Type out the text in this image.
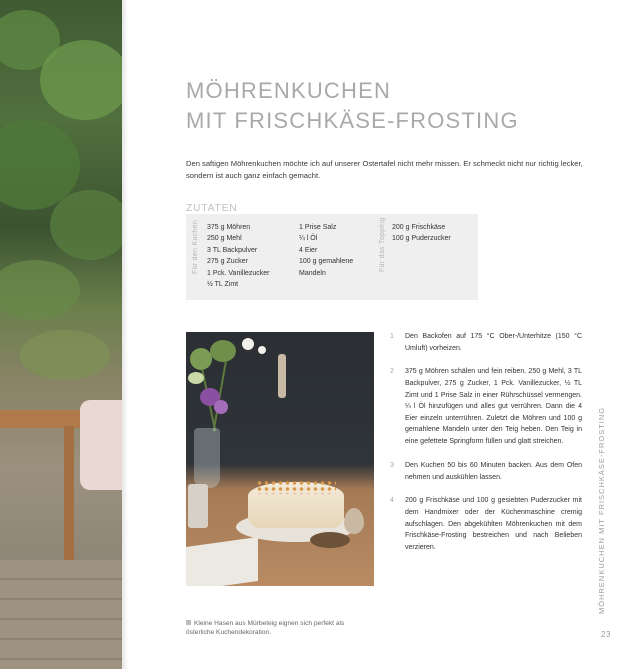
MÖHRENKUCHEN
MIT FRISCHKÄSE-FROSTING

Den saftigen Möhrenkuchen möchte ich auf unserer Ostertafel nicht mehr missen. Er schmeckt nicht nur richtig lecker, sondern ist auch ganz einfach gemacht.

ZUTATEN

Für den Kuchen 375 g Möhren
250 g Mehl
3 TL Backpulver
275 g Zucker
1 Pck. Vanillezucker
½ TL Zimt
1 Prise Salz
¼ l Öl
4 Eier
100 g gemahlene
Mandeln
Für das Topping 200 g Frischkäse
100 g Puderzucker
1 Den Backofen auf 175 °C Ober-/Unterhitze (150 °C Umluft) vorheizen.
2 375 g Möhren schälen und fein reiben. 250 g Mehl, 3 TL Backpulver, 275 g Zucker, 1 Pck. Vanillezucker, ½ TL Zimt und 1 Prise Salz in einer Rührschüssel vermengen. ¼ l Öl hinzufügen und alles gut verrühren. Dann die 4 Eier einzeln unterrühren. Zuletzt die Möhren und 100 g gemahlene Mandeln unter den Teig heben. Den Teig in eine gefettete Springform füllen und glatt streichen.
3 Den Kuchen 50 bis 60 Minuten backen. Aus dem Ofen nehmen und auskühlen lassen.
4 200 g Frischkäse und 100 g gesiebten Puderzucker mit dem Handmixer oder der Küchenmaschine cremig aufschlagen. Den abgekühlten Möhrenkuchen mit dem Frischkäse-Frosting bestreichen und nach Belieben verzieren.

Kleine Hasen aus Mürbeteig eignen sich perfekt als österliche Kuchendekoration.

MÖHRENKUCHEN MIT FRISCHKÄSE-FROSTING
23
